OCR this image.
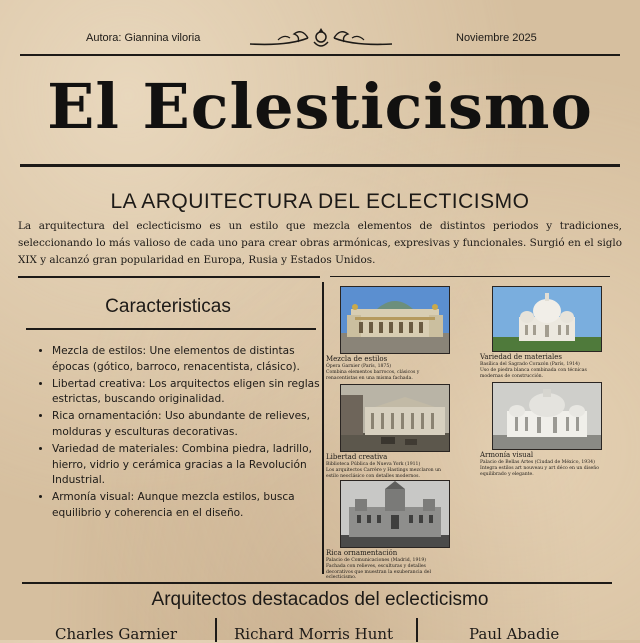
Autora: Giannina viloria	Noviembre 2025
El Eclesticismo
LA ARQUITECTURA DEL ECLECTICISMO
La arquitectura del eclecticismo es un estilo que mezcla elementos de distintos periodos y tradiciones, seleccionando lo más valioso de cada uno para crear obras armónicas, expresivas y funcionales. Surgió en el siglo XIX y alcanzó gran popularidad en Europa, Rusia y Estados Unidos.
Caracteristicas
• Mezcla de estilos: Une elementos de distintas épocas (gótico, barroco, renacentista, clásico).
• Libertad creativa: Los arquitectos eligen sin reglas estrictas, buscando originalidad.
• Rica ornamentación: Uso abundante de relieves, molduras y esculturas decorativas.
• Variedad de materiales: Combina piedra, ladrillo, hierro, vidrio y cerámica gracias a la Revolución Industrial.
• Armonía visual: Aunque mezcla estilos, busca equilibrio y coherencia en el diseño.
Mezcla de estilos
Ópera Garnier (París, 1875)
Combina elementos barrocos, clásicos y renacentistas en una misma fachada.
Variedad de materiales
Basílica del Sagrado Corazón (París, 1914)
Uso de piedra blanca combinada con técnicas modernas de construcción.
Libertad creativa
Biblioteca Pública de Nueva York (1911)
Los arquitectos Carrère y Hastings mezclaron un estilo neoclásico con detalles modernos.
Armonía visual
Palacio de Bellas Artes (Ciudad de México, 1934)
Integra estilos art nouveau y art déco en un diseño equilibrado y elegante.
Rica ornamentación
Palacio de Comunicaciones (Madrid, 1919)
Fachada con relieves, esculturas y detalles decorativos que muestran la exuberancia del eclecticismo.
Arquitectos destacados del eclecticismo
Charles Garnier	Richard Morris Hunt	Paul Abadie
